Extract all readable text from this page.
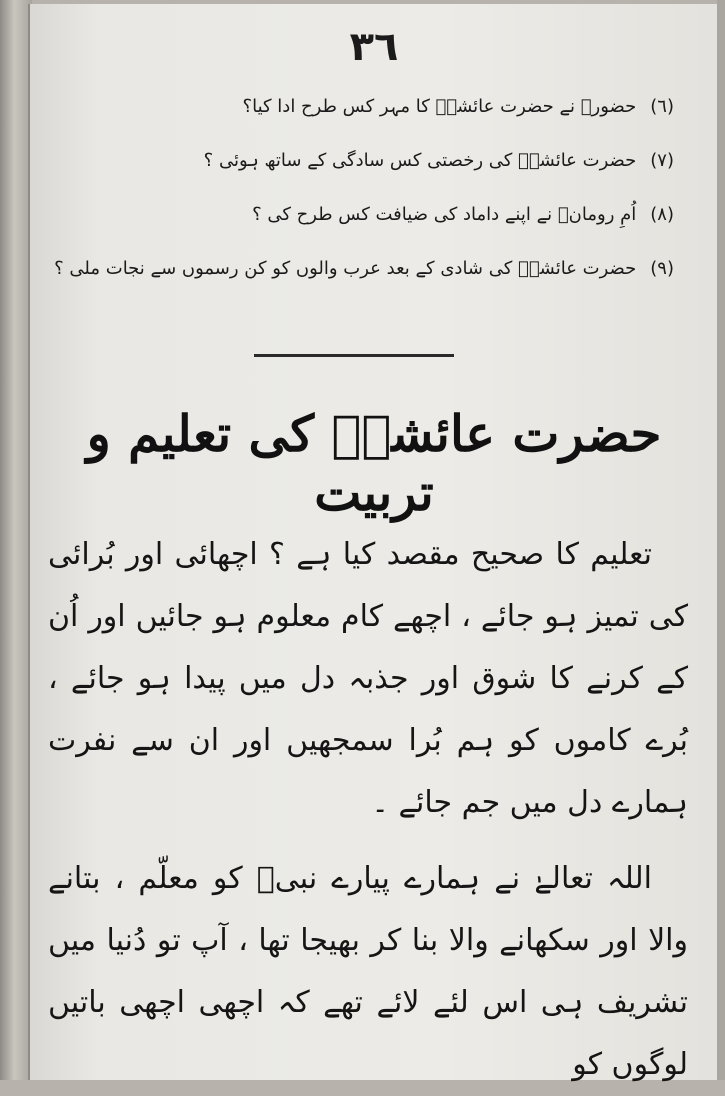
٣٦
(٦)حضورؐ نے حضرت عائشہؓ کا مہر کس طرح ادا کیا؟
(٧)حضرت عائشہؓ کی رخصتی کس سادگی کے ساتھ ہوئی ؟
(٨)اُمِ رومانؓ نے اپنے داماد کی ضیافت کس طرح کی ؟
(٩)حضرت عائشہؓ کی شادی کے بعد عرب والوں کو کن رسموں سے نجات ملی ؟
حضرت عائشہؓ کی تعلیم و تربیت

تعلیم کا صحیح مقصد کیا ہے ؟ اچھائی اور بُرائی کی تمیز ہو جائے ، اچھے کام معلوم ہو جائیں اور اُن کے کرنے کا شوق اور جذبہ دل میں پیدا ہو جائے ، بُرے کاموں کو ہم بُرا سمجھیں اور ان سے نفرت ہمارے دل میں جم جائے ۔

اللہ تعالےٰ نے ہمارے پیارے نبیؐ کو معلّم ، بتانے والا اور سکھانے والا بنا کر بھیجا تھا ، آپ تو دُنیا میں تشریف ہی اس لئے لائے تھے کہ اچھی اچھی باتیں لوگوں کو
